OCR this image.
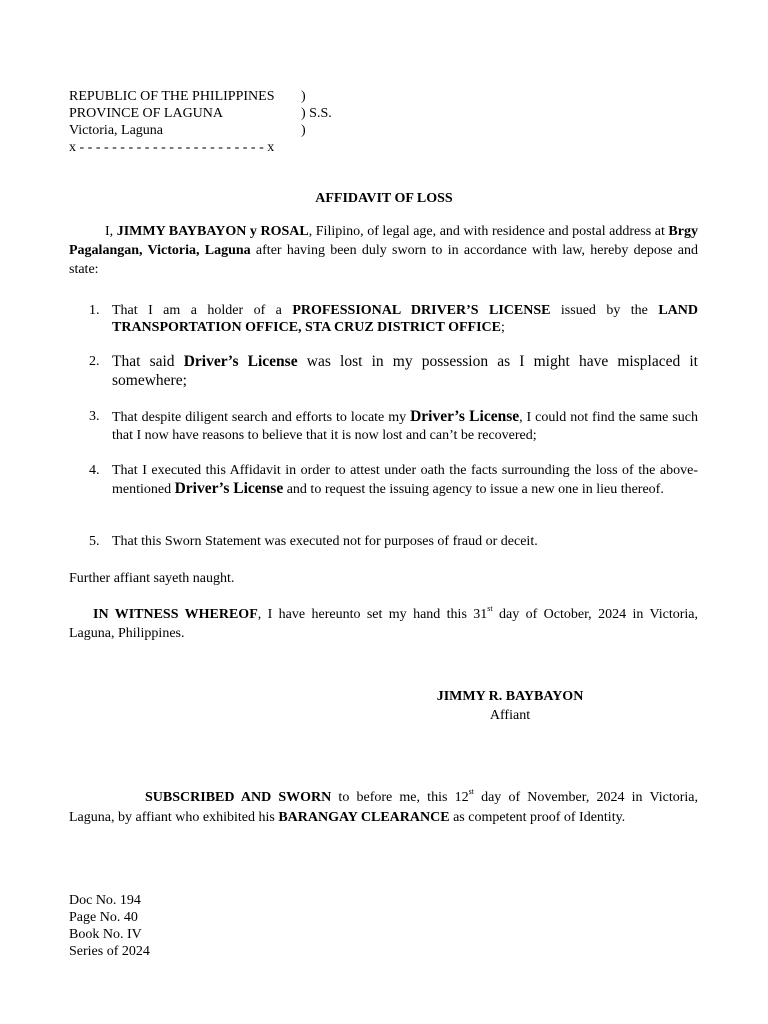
REPUBLIC OF THE PHILIPPINES )
PROVINCE OF LAGUNA	) S.S.
Victoria, Laguna	)
x - - - - - - - - - - - - - - - - - - - - - - - x
AFFIDAVIT OF LOSS
I, JIMMY BAYBAYON y ROSAL, Filipino, of legal age, and with residence and postal address at Brgy Pagalangan, Victoria, Laguna after having been duly sworn to in accordance with law, hereby depose and state:
1. That I am a holder of a PROFESSIONAL DRIVER’S LICENSE issued by the LAND TRANSPORTATION OFFICE, STA CRUZ DISTRICT OFFICE;
2. That said Driver’s License was lost in my possession as I might have misplaced it somewhere;
3. That despite diligent search and efforts to locate my Driver’s License, I could not find the same such that I now have reasons to believe that it is now lost and can’t be recovered;
4. That I executed this Affidavit in order to attest under oath the facts surrounding the loss of the above-mentioned Driver’s License and to request the issuing agency to issue a new one in lieu thereof.
5. That this Sworn Statement was executed not for purposes of fraud or deceit.
Further affiant sayeth naught.
IN WITNESS WHEREOF, I have hereunto set my hand this 31st day of October, 2024 in Victoria, Laguna, Philippines.
JIMMY R. BAYBAYON
Affiant
SUBSCRIBED AND SWORN to before me, this 12st day of November, 2024 in Victoria, Laguna, by affiant who exhibited his BARANGAY CLEARANCE as competent proof of Identity.
Doc No. 194
Page No. 40
Book No. IV
Series of 2024
